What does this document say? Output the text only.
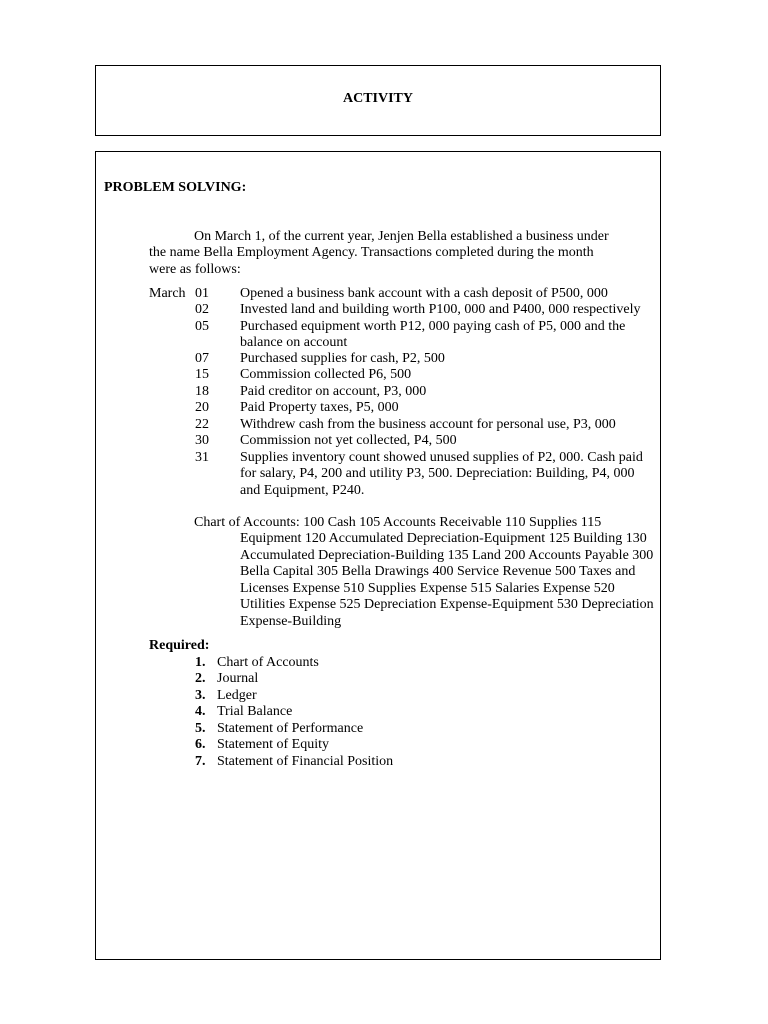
ACTIVITY
PROBLEM SOLVING:
On March 1, of the current year, Jenjen Bella established a business under
the name Bella Employment Agency. Transactions completed during the month
were as follows:
March 01 Opened a business bank account with a cash deposit of P500, 000
02 Invested land and building worth P100, 000 and P400, 000 respectively
05 Purchased equipment worth P12, 000 paying cash of P5, 000 and the
balance on account
07 Purchased supplies for cash, P2, 500
15 Commission collected P6, 500
18 Paid creditor on account, P3, 000
20 Paid Property taxes, P5, 000
22 Withdrew cash from the business account for personal use, P3, 000
30 Commission not yet collected, P4, 500
31 Supplies inventory count showed unused supplies of P2, 000. Cash paid
for salary, P4, 200 and utility P3, 500. Depreciation: Building, P4, 000
and Equipment, P240.
Chart of Accounts: 100 Cash 105 Accounts Receivable 110 Supplies 115
Equipment 120 Accumulated Depreciation-Equipment 125 Building 130
Accumulated Depreciation-Building 135 Land 200 Accounts Payable 300
Bella Capital 305 Bella Drawings 400 Service Revenue 500 Taxes and
Licenses Expense 510 Supplies Expense 515 Salaries Expense 520
Utilities Expense 525 Depreciation Expense-Equipment 530 Depreciation
Expense-Building
Required:
1. Chart of Accounts
2. Journal
3. Ledger
4. Trial Balance
5. Statement of Performance
6. Statement of Equity
7. Statement of Financial Position
